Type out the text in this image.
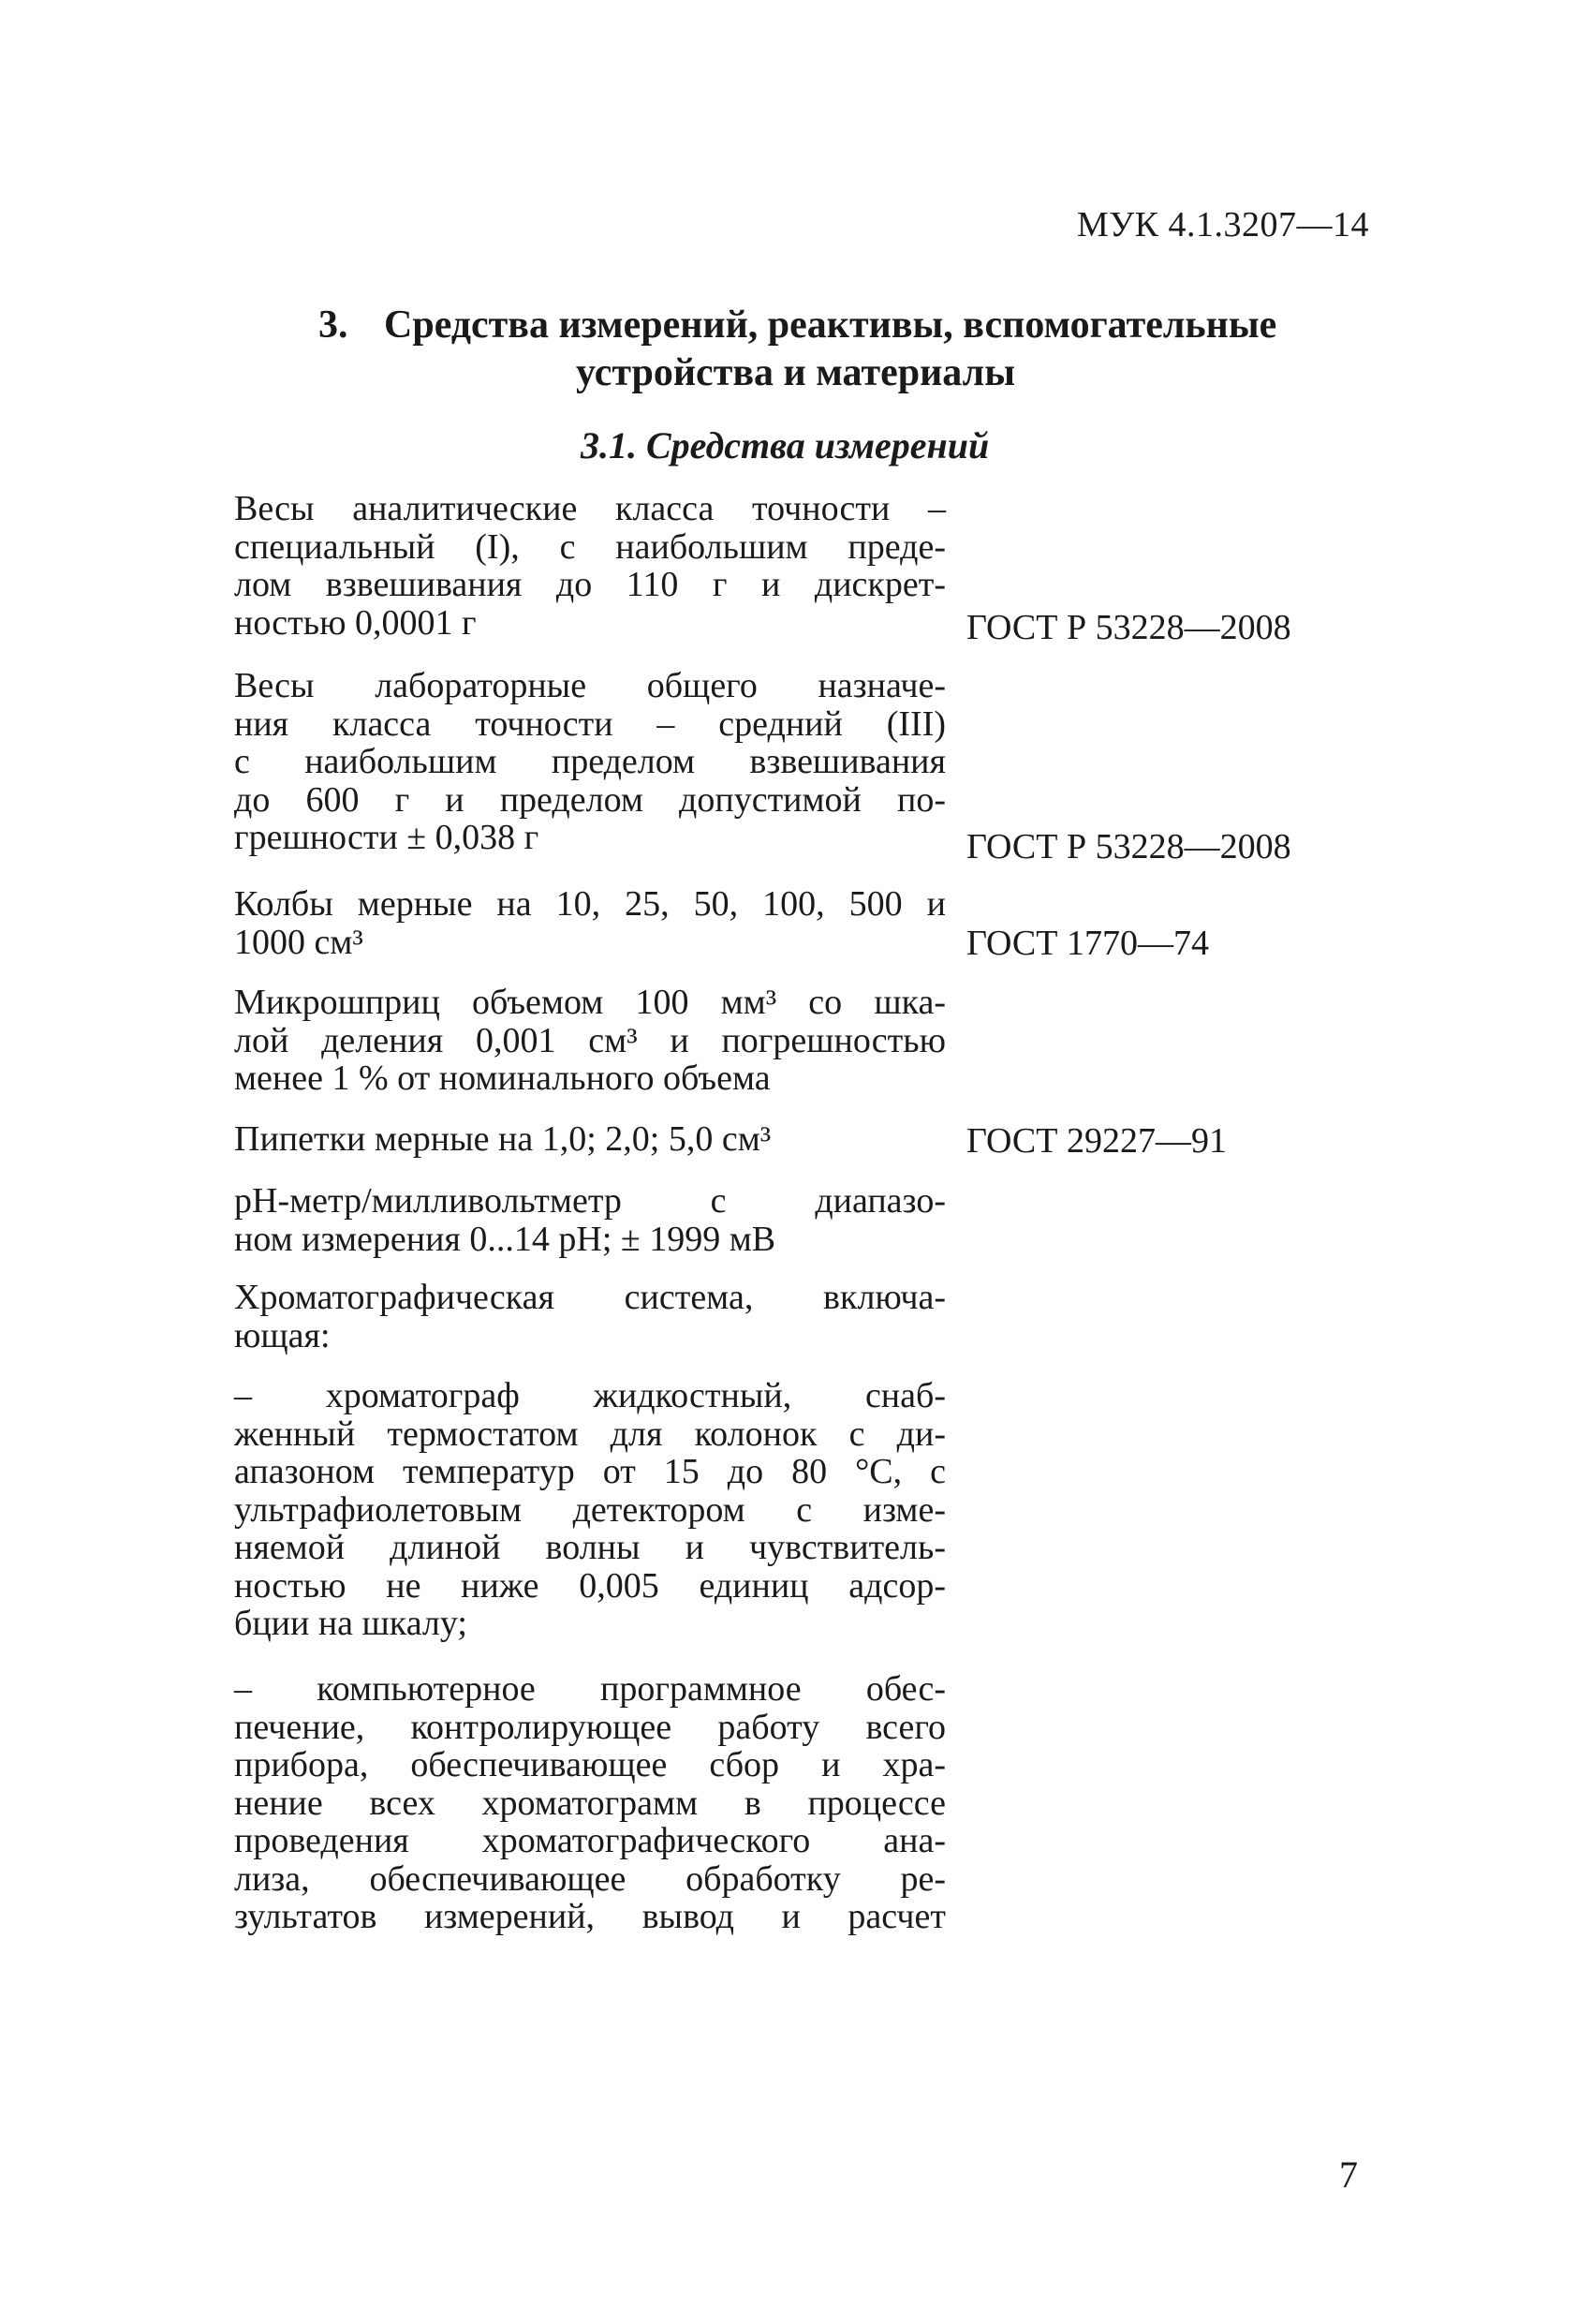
МУК 4.1.3207—14
3. Средства измерений, реактивы, вспомогательные
устройства и материалы
3.1. Средства измерений
Весы аналитические класса точности –
специальный (I), с наибольшим преде-
лом взвешивания до 110 г и дискрет-
ностью 0,0001 г	ГОСТ Р 53228—2008
Весы лабораторные общего назначе-
ния класса точности – средний (III)
с наибольшим пределом взвешивания
до 600 г и пределом допустимой по-
грешности ± 0,038 г	ГОСТ Р 53228—2008
Колбы мерные на 10, 25, 50, 100, 500 и
1000 см³	ГОСТ 1770—74
Микрошприц объемом 100 мм³ со шка-
лой деления 0,001 см³ и погрешностью
менее 1 % от номинального объема
Пипетки мерные на 1,0; 2,0; 5,0 см³	ГОСТ 29227—91
рН-метр/милливольтметр с диапазо-
ном измерения 0...14 рН; ± 1999 мВ
Хроматографическая система, включа-
ющая:
– хроматограф жидкостный, снаб-
женный термостатом для колонок с ди-
апазоном температур от 15 до 80 °С, с
ультрафиолетовым детектором с изме-
няемой длиной волны и чувствитель-
ностью не ниже 0,005 единиц адсор-
бции на шкалу;
– компьютерное программное обес-
печение, контролирующее работу всего
прибора, обеспечивающее сбор и хра-
нение всех хроматограмм в процессе
проведения хроматографического ана-
лиза, обеспечивающее обработку ре-
зультатов измерений, вывод и расчет
7
